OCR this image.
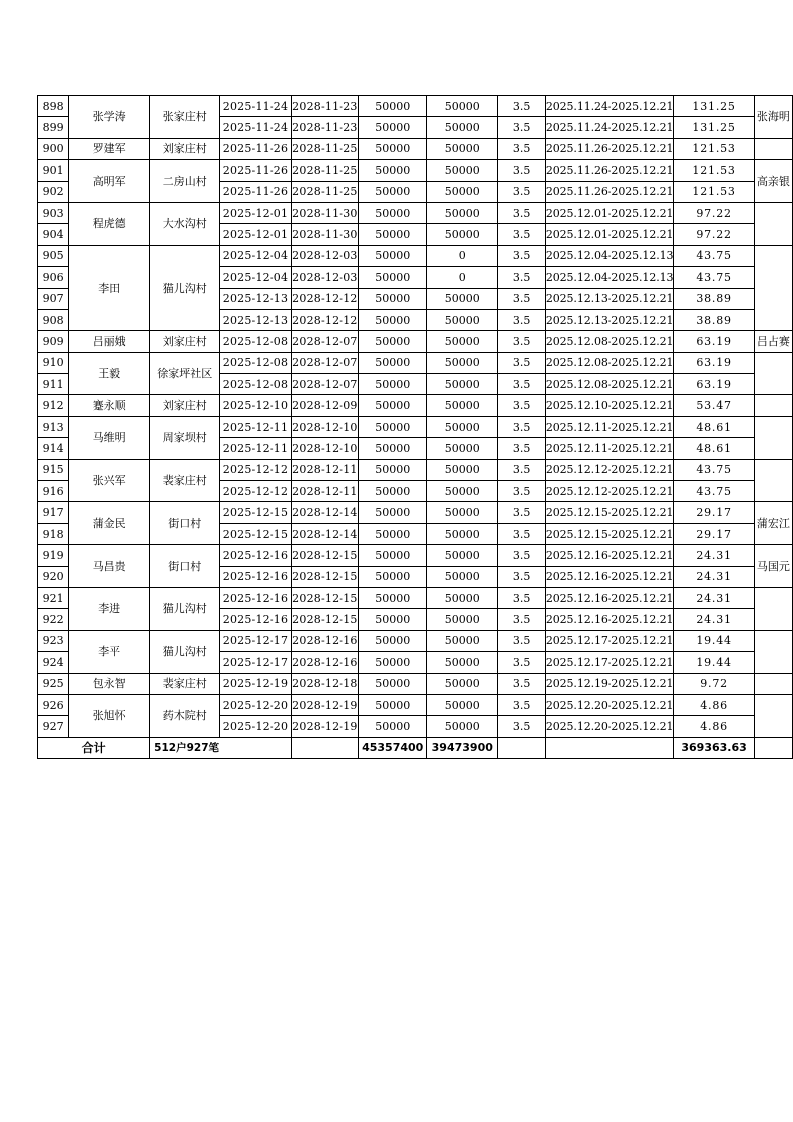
898	张学涛	张家庄村	2025-11-24	2028-11-23	50000	50000	3.5	2025.11.24-2025.12.21	131.25	张海明
899			2025-11-24	2028-11-23	50000	50000	3.5	2025.11.24-2025.12.21	131.25	
900	罗建军	刘家庄村	2025-11-26	2028-11-25	50000	50000	3.5	2025.11.26-2025.12.21	121.53	
901	高明军	二房山村	2025-11-26	2028-11-25	50000	50000	3.5	2025.11.26-2025.12.21	121.53	高亲银
902			2025-11-26	2028-11-25	50000	50000	3.5	2025.11.26-2025.12.21	121.53	
903	程虎德	大水沟村	2025-12-01	2028-11-30	50000	50000	3.5	2025.12.01-2025.12.21	97.22	
904			2025-12-01	2028-11-30	50000	50000	3.5	2025.12.01-2025.12.21	97.22	
905	李田	猫儿沟村	2025-12-04	2028-12-03	50000	0	3.5	2025.12.04-2025.12.13	43.75	
906			2025-12-04	2028-12-03	50000	0	3.5	2025.12.04-2025.12.13	43.75	
907			2025-12-13	2028-12-12	50000	50000	3.5	2025.12.13-2025.12.21	38.89	
908			2025-12-13	2028-12-12	50000	50000	3.5	2025.12.13-2025.12.21	38.89	
909	吕丽娥	刘家庄村	2025-12-08	2028-12-07	50000	50000	3.5	2025.12.08-2025.12.21	63.19	吕占赛
910	王毅	徐家坪社区	2025-12-08	2028-12-07	50000	50000	3.5	2025.12.08-2025.12.21	63.19	
911			2025-12-08	2028-12-07	50000	50000	3.5	2025.12.08-2025.12.21	63.19	
912	蹇永顺	刘家庄村	2025-12-10	2028-12-09	50000	50000	3.5	2025.12.10-2025.12.21	53.47	
913	马维明	周家坝村	2025-12-11	2028-12-10	50000	50000	3.5	2025.12.11-2025.12.21	48.61	
914			2025-12-11	2028-12-10	50000	50000	3.5	2025.12.11-2025.12.21	48.61	
915	张兴军	裴家庄村	2025-12-12	2028-12-11	50000	50000	3.5	2025.12.12-2025.12.21	43.75	
916			2025-12-12	2028-12-11	50000	50000	3.5	2025.12.12-2025.12.21	43.75	
917	蒲金民	街口村	2025-12-15	2028-12-14	50000	50000	3.5	2025.12.15-2025.12.21	29.17	蒲宏江
918			2025-12-15	2028-12-14	50000	50000	3.5	2025.12.15-2025.12.21	29.17	
919	马昌贵	街口村	2025-12-16	2028-12-15	50000	50000	3.5	2025.12.16-2025.12.21	24.31	马国元
920			2025-12-16	2028-12-15	50000	50000	3.5	2025.12.16-2025.12.21	24.31	
921	李进	猫儿沟村	2025-12-16	2028-12-15	50000	50000	3.5	2025.12.16-2025.12.21	24.31	
922			2025-12-16	2028-12-15	50000	50000	3.5	2025.12.16-2025.12.21	24.31	
923	李平	猫儿沟村	2025-12-17	2028-12-16	50000	50000	3.5	2025.12.17-2025.12.21	19.44	
924			2025-12-17	2028-12-16	50000	50000	3.5	2025.12.17-2025.12.21	19.44	
925	包永智	裴家庄村	2025-12-19	2028-12-18	50000	50000	3.5	2025.12.19-2025.12.21	9.72	
926	张旭怀	药木院村	2025-12-20	2028-12-19	50000	50000	3.5	2025.12.20-2025.12.21	4.86	
927			2025-12-20	2028-12-19	50000	50000	3.5	2025.12.20-2025.12.21	4.86	
合计		512户927笔			45357400	39473900			369363.63	
